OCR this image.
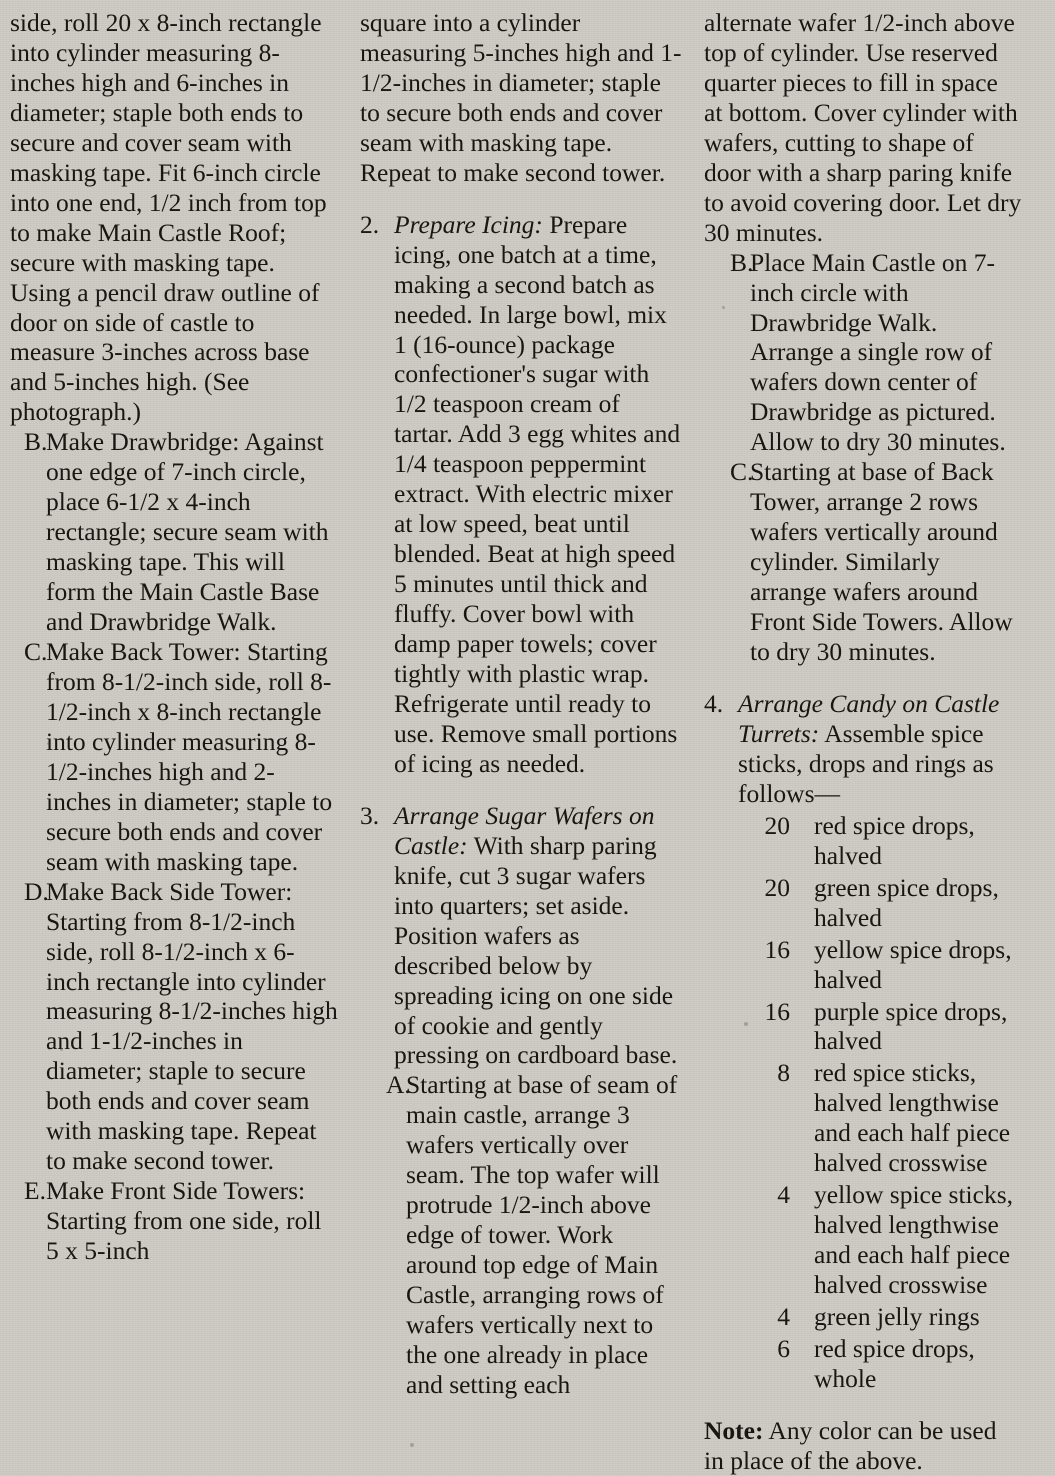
side, roll 20 x 8-inch rectangle into cylinder measuring 8-inches high and 6-inches in diameter; staple both ends to secure and cover seam with masking tape. Fit 6-inch circle into one end, 1/2 inch from top to make Main Castle Roof; secure with masking tape. Using a pencil draw outline of door on side of castle to measure 3-inches across base and 5-inches high. (See photograph.)

B.
Make Drawbridge: Against one edge of 7-inch circle, place 6-1/2 x 4-inch rectangle; secure seam with masking tape. This will form the Main Castle Base and Drawbridge Walk.
C.
Make Back Tower: Starting from 8-1/2-inch side, roll 8-1/2-inch x 8-inch rectangle into cylinder measuring 8-1/2-inches high and 2-inches in diameter; staple to secure both ends and cover seam with masking tape.
D.
Make Back Side Tower: Starting from 8-1/2-inch side, roll 8-1/2-inch x 6-inch rectangle into cylinder measuring 8-1/2-inches high and 1-1/2-inches in diameter; staple to secure both ends and cover seam with masking tape. Repeat to make second tower.
E. Make Front Side Towers: Starting from one side, roll 5 x 5-inch

square into a cylinder measuring 5-inches high and 1-1/2-inches in diameter; staple to secure both ends and cover seam with masking tape. Repeat to make second tower.

2. Prepare Icing: Prepare icing, one batch at a time, making a second batch as needed. In large bowl, mix 1 (16-ounce) package confectioner's sugar with 1/2 teaspoon cream of tartar. Add 3 egg whites and 1/4 teaspoon peppermint extract. With electric mixer at low speed, beat until blended. Beat at high speed 5 minutes until thick and fluffy. Cover bowl with damp paper towels; cover tightly with plastic wrap. Refrigerate until ready to use. Remove small portions of icing as needed.
3. Arrange Sugar Wafers on Castle: With sharp paring knife, cut 3 sugar wafers into quarters; set aside. Position wafers as described below by spreading icing on one side of cookie and gently pressing on cardboard base.
A.
Starting at base of seam of main castle, arrange 3 wafers vertically over seam. The top wafer will protrude 1/2-inch above edge of tower. Work around top edge of Main Castle, arranging rows of wafers vertically next to the one already in place and setting each

alternate wafer 1/2-inch above top of cylinder. Use reserved quarter pieces to fill in space at bottom. Cover cylinder with wafers, cutting to shape of door with a sharp paring knife to avoid covering door. Let dry 30 minutes.

B.
Place Main Castle on 7-inch circle with Drawbridge Walk. Arrange a single row of wafers down center of Drawbridge as pictured. Allow to dry 30 minutes.
C.
Starting at base of Back Tower, arrange 2 rows wafers vertically around cylinder. Similarly arrange wafers around Front Side Towers. Allow to dry 30 minutes.
4. Arrange Candy on Castle Turrets: Assemble spice sticks, drops and rings as follows—
20	red spice drops, halved
20	green spice drops, halved
16	yellow spice drops, halved
16	purple spice drops, halved
8	red spice sticks, halved lengthwise and each half piece halved crosswise
4	yellow spice sticks, halved lengthwise and each half piece halved crosswise
4	green jelly rings
6	red spice drops, whole

Note: Any color can be used in place of the above.
